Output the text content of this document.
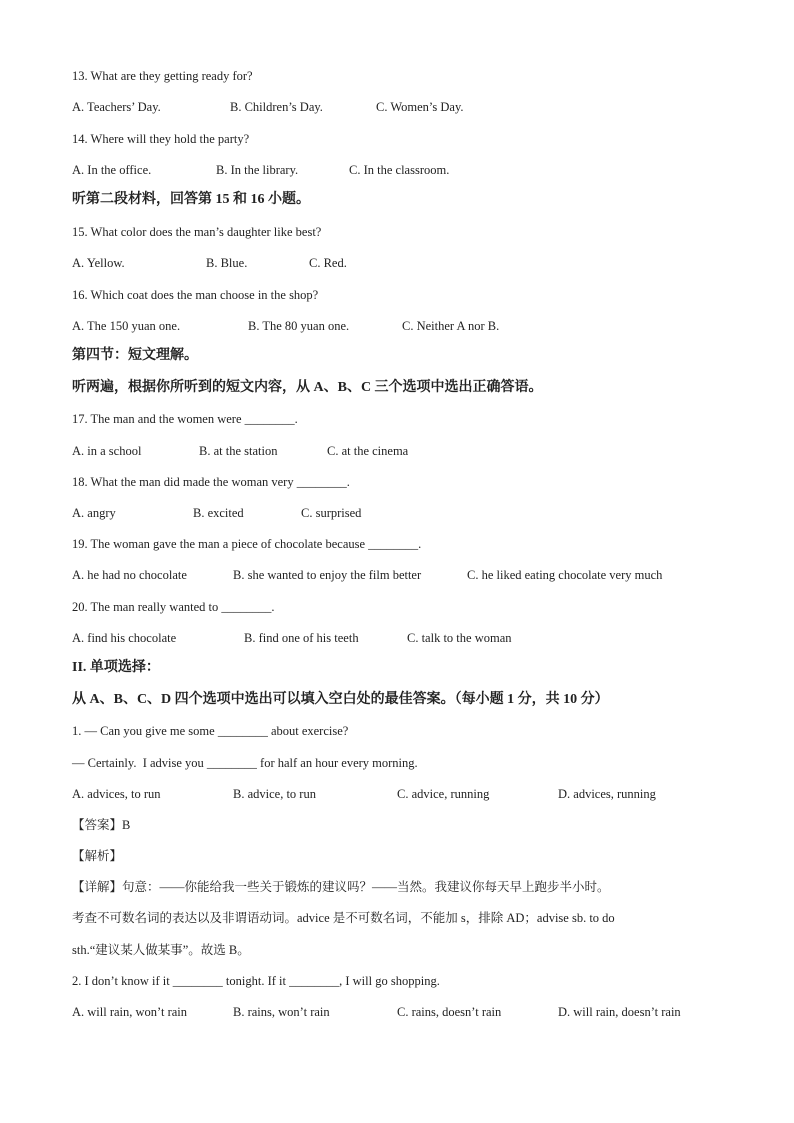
13. What are they getting ready for?
A. Teachers’ Day.	B. Children’s Day.	C. Women’s Day.
14. Where will they hold the party?
A. In the office.	B. In the library.	C. In the classroom.
听第二段材料，回答第 15 和 16 小题。
15. What color does the man’s daughter like best?
A. Yellow.	B. Blue.	C. Red.
16. Which coat does the man choose in the shop?
A. The 150 yuan one.	B. The 80 yuan one.	C. Neither A nor B.
第四节：短文理解。
听两遍，根据你所听到的短文内容，从 A、B、C 三个选项中选出正确答语。
17. The man and the women were ________.
A. in a school	B. at the station	C. at the cinema
18. What the man did made the woman very ________.
A. angry	B. excited	C. surprised
19. The woman gave the man a piece of chocolate because ________.
A. he had no chocolate	B. she wanted to enjoy the film better	C. he liked eating chocolate very much
20. The man really wanted to ________.
A. find his chocolate	B. find one of his teeth	C. talk to the woman
II. 单项选择：
从 A、B、C、D 四个选项中选出可以填入空白处的最佳答案。（每小题 1 分，共 10 分）
1. — Can you give me some ________ about exercise?
— Certainly.  I advise you ________ for half an hour every morning.
A. advices, to run	B. advice, to run	C. advice, running	D. advices, running
【答案】B
【解析】
【详解】句意：——你能给我一些关于锻炼的建议吗？——当然。我建议你每天早上跑步半小时。
考查不可数名词的表达以及非谓语动词。advice 是不可数名词，不能加 s，排除 AD；advise sb. to do
sth.“建议某人做某事”。故选 B。
2. I don’t know if it ________ tonight. If it ________, I will go shopping.
A. will rain, won’t rain	B. rains, won’t rain	C. rains, doesn’t rain	D. will rain, doesn’t rain
